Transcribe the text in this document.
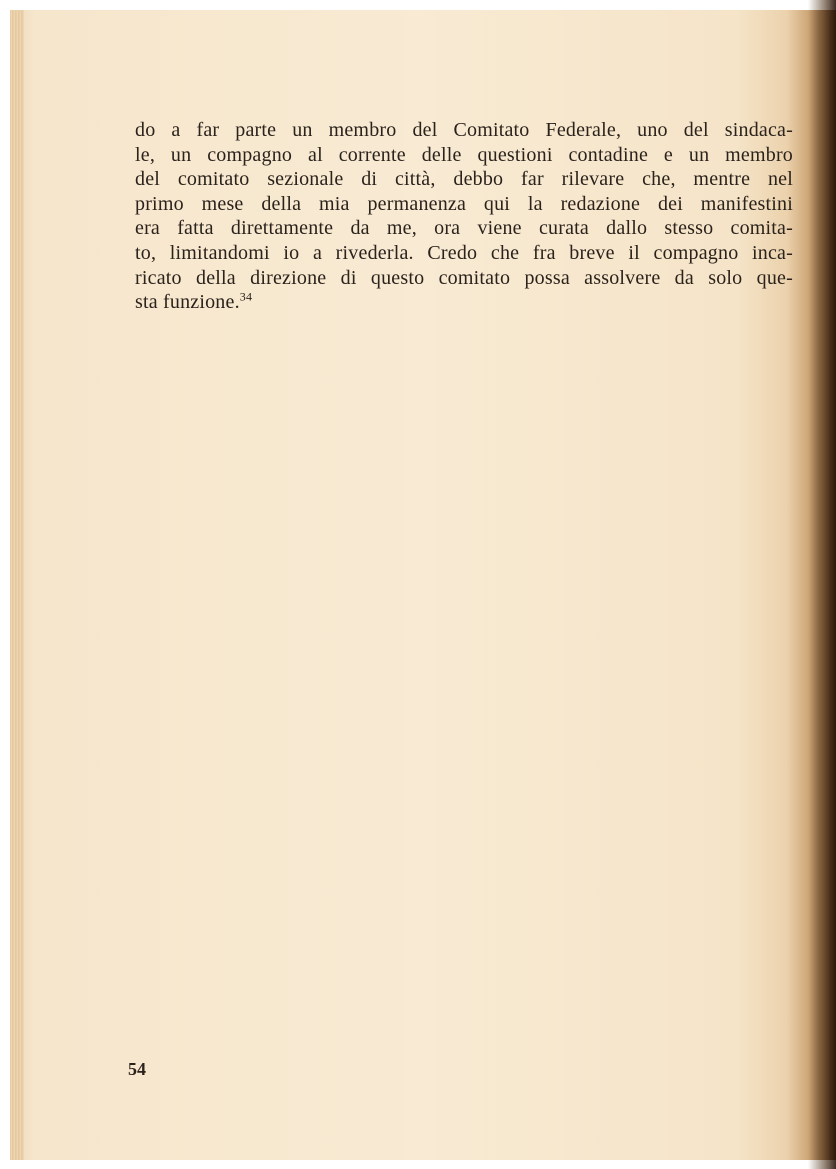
do a far parte un membro del Comitato Federale, uno del sindaca-
le, un compagno al corrente delle questioni contadine e un membro
del comitato sezionale di città, debbo far rilevare che, mentre nel
primo mese della mia permanenza qui la redazione dei manifestini
era fatta direttamente da me, ora viene curata dallo stesso comita-
to, limitandomi io a rivederla. Credo che fra breve il compagno inca-
ricato della direzione di questo comitato possa assolvere da solo que-
sta funzione.$^{34}$
54
